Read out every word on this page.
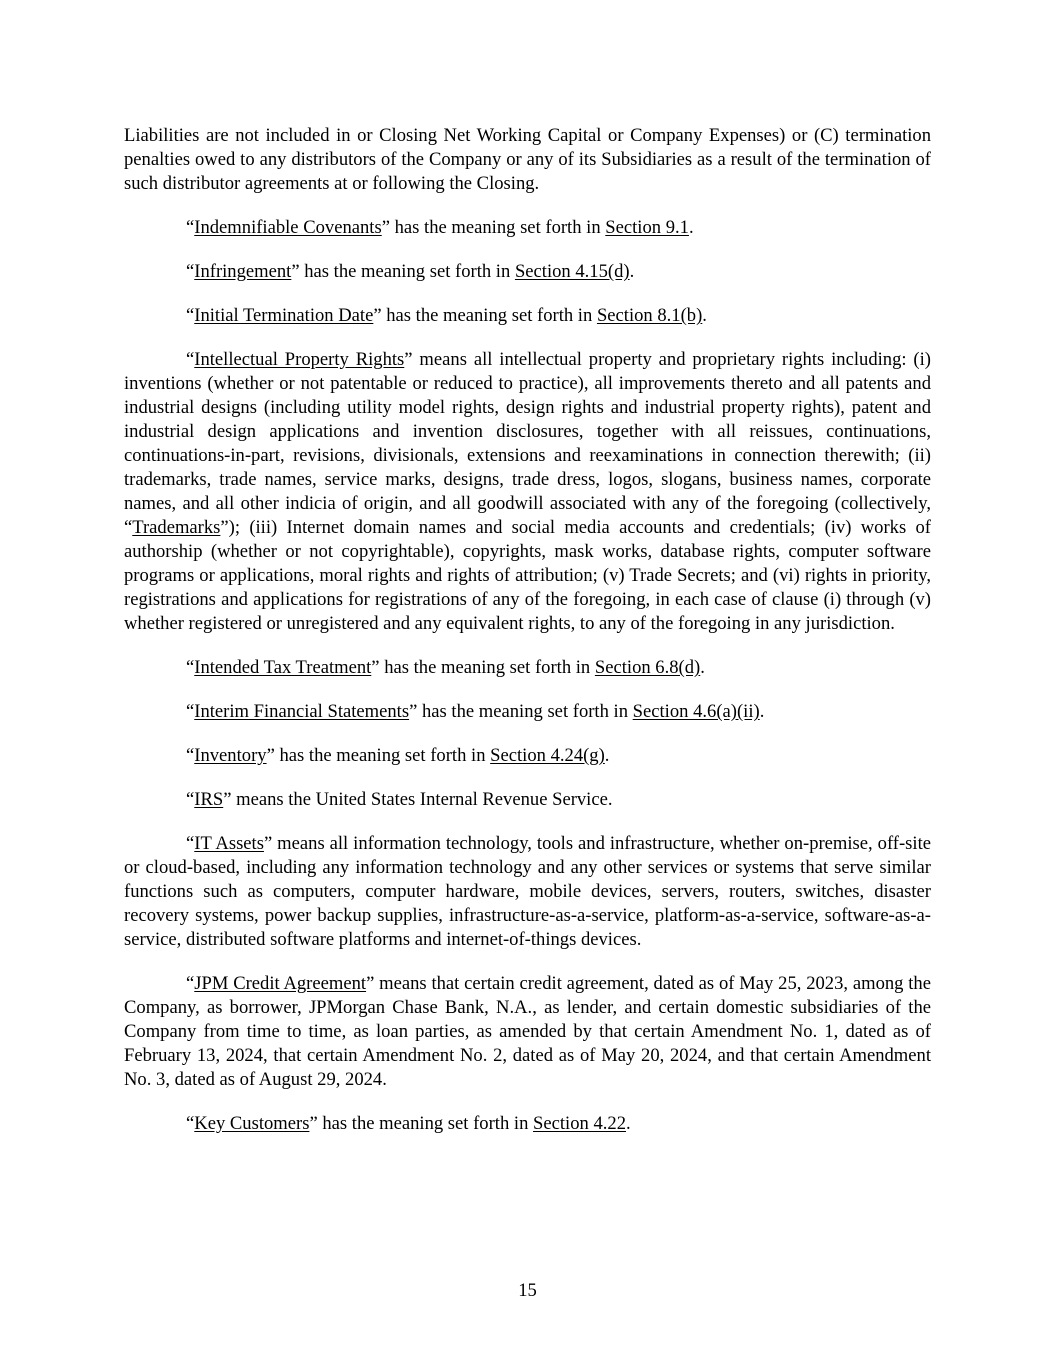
Liabilities are not included in or Closing Net Working Capital or Company Expenses) or (C) termination penalties owed to any distributors of the Company or any of its Subsidiaries as a result of the termination of such distributor agreements at or following the Closing.

“Indemnifiable Covenants” has the meaning set forth in Section 9.1.

“Infringement” has the meaning set forth in Section 4.15(d).

“Initial Termination Date” has the meaning set forth in Section 8.1(b).

“Intellectual Property Rights” means all intellectual property and proprietary rights including: (i) inventions (whether or not patentable or reduced to practice), all improvements thereto and all patents and industrial designs (including utility model rights, design rights and industrial property rights), patent and industrial design applications and invention disclosures, together with all reissues, continuations, continuations-in-part, revisions, divisionals, extensions and reexaminations in connection therewith; (ii) trademarks, trade names, service marks, designs, trade dress, logos, slogans, business names, corporate names, and all other indicia of origin, and all goodwill associated with any of the foregoing (collectively, “Trademarks”); (iii) Internet domain names and social media accounts and credentials; (iv) works of authorship (whether or not copyrightable), copyrights, mask works, database rights, computer software programs or applications, moral rights and rights of attribution; (v) Trade Secrets; and (vi) rights in priority, registrations and applications for registrations of any of the foregoing, in each case of clause (i) through (v) whether registered or unregistered and any equivalent rights, to any of the foregoing in any jurisdiction.

“Intended Tax Treatment” has the meaning set forth in Section 6.8(d).

“Interim Financial Statements” has the meaning set forth in Section 4.6(a)(ii).

“Inventory” has the meaning set forth in Section 4.24(g).

“IRS” means the United States Internal Revenue Service.

“IT Assets” means all information technology, tools and infrastructure, whether on-premise, off-site or cloud-based, including any information technology and any other services or systems that serve similar functions such as computers, computer hardware, mobile devices, servers, routers, switches, disaster recovery systems, power backup supplies, infrastructure-as-a-service, platform-as-a-service, software-as-a-service, distributed software platforms and internet-of-things devices.

“JPM Credit Agreement” means that certain credit agreement, dated as of May 25, 2023, among the Company, as borrower, JPMorgan Chase Bank, N.A., as lender, and certain domestic subsidiaries of the Company from time to time, as loan parties, as amended by that certain Amendment No. 1, dated as of February 13, 2024, that certain Amendment No. 2, dated as of May 20, 2024, and that certain Amendment No. 3, dated as of August 29, 2024.

“Key Customers” has the meaning set forth in Section 4.22.

15
